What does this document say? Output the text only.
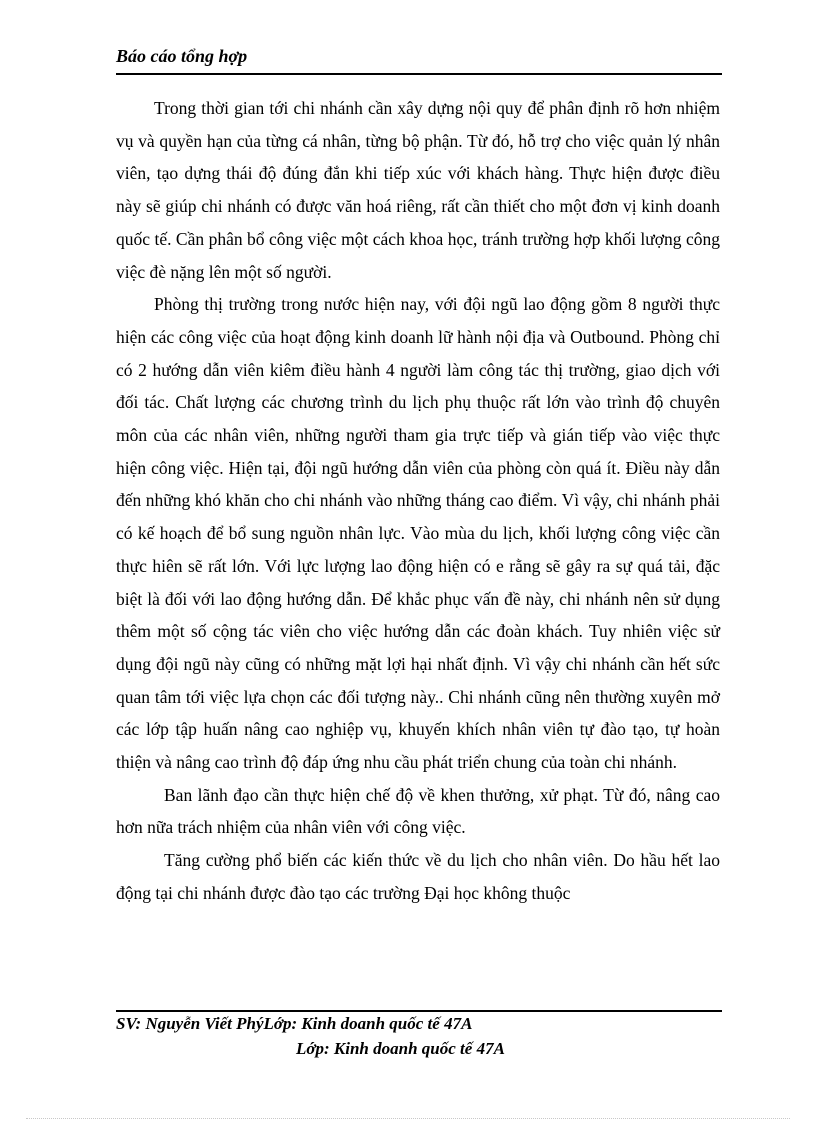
Báo cáo tổng hợp

Trong thời gian tới chi nhánh cần xây dựng nội quy để phân định rõ hơn nhiệm vụ và quyền hạn của từng cá nhân, từng bộ phận. Từ đó, hỗ trợ cho việc quản lý nhân viên, tạo dựng thái độ đúng đắn khi tiếp xúc với khách hàng. Thực hiện được điều này sẽ giúp chi nhánh có được văn hoá riêng, rất cần thiết cho một đơn vị kinh doanh quốc tế. Cần phân bổ công việc một cách khoa học, tránh trường hợp khối lượng công việc đè nặng lên một số người.

Phòng thị trường trong nước hiện nay, với đội ngũ lao động gồm 8 người thực hiện các công việc của hoạt động kinh doanh lữ hành nội địa và Outbound. Phòng chỉ có 2 hướng dẫn viên kiêm điều hành 4 người làm công tác thị trường, giao dịch với đối tác. Chất lượng các chương trình du lịch phụ thuộc rất lớn vào trình độ chuyên môn của các nhân viên, những người tham gia trực tiếp và gián tiếp vào việc thực hiện công việc. Hiện tại, đội ngũ hướng dẫn viên của phòng còn quá ít. Điều này dẫn đến những khó khăn cho chi nhánh vào những tháng cao điểm. Vì vậy, chi nhánh phải có kế hoạch để bổ sung nguồn nhân lực. Vào mùa du lịch, khối lượng công việc cần thực hiên sẽ rất lớn. Với lực lượng lao động hiện có e rằng sẽ gây ra sự quá tải, đặc biệt là đối với lao động hướng dẫn. Để khắc phục vấn đề này, chi nhánh nên sử dụng thêm một số cộng tác viên cho việc hướng dẫn các đoàn khách. Tuy nhiên việc sử dụng đội ngũ này cũng có những mặt lợi hại nhất định. Vì vậy chi nhánh cần hết sức quan tâm tới việc lựa chọn các đối tượng này.. Chi nhánh cũng nên thường xuyên mở các lớp tập huấn nâng cao nghiệp vụ, khuyến khích nhân viên tự đào tạo, tự hoàn thiện và nâng cao trình độ đáp ứng nhu cầu phát triển chung của toàn chi nhánh.

Ban lãnh đạo cần thực hiện chế độ về khen thưởng, xử phạt. Từ đó, nâng cao hơn nữa trách nhiệm của nhân viên với công việc.

Tăng cường phổ biến các kiến thức về du lịch cho nhân viên. Do hầu hết lao động tại chi nhánh được đào tạo các trường Đại học không thuộc

SV: Nguyễn Viết PhýLớp: Kinh doanh quốc tế 47A
Lớp: Kinh doanh quốc tế 47A
